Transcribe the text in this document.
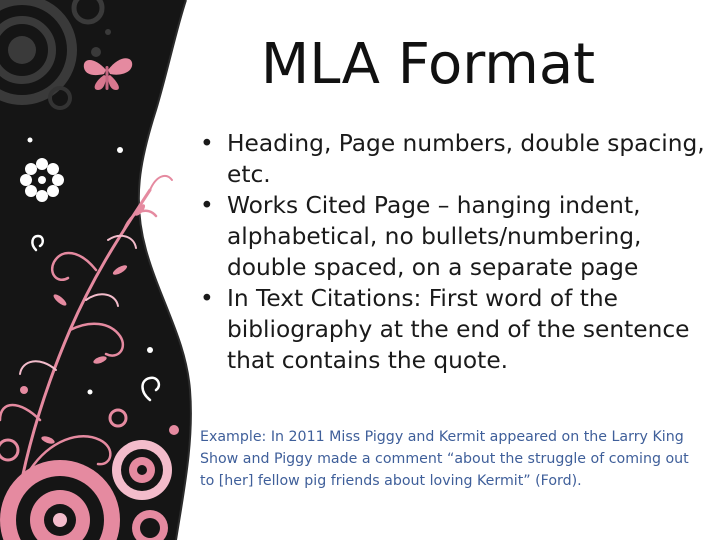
MLA Format
• Heading, Page numbers, double spacing, etc.
• Works Cited Page – hanging indent, alphabetical, no bullets/numbering, double spaced, on a separate page
• In Text Citations: First word of the bibliography at the end of the sentence that contains the quote.

Example: In 2011 Miss Piggy and Kermit appeared on the Larry King Show and Piggy made a comment “about the struggle of coming out to [her] fellow pig friends about loving Kermit” (Ford).
